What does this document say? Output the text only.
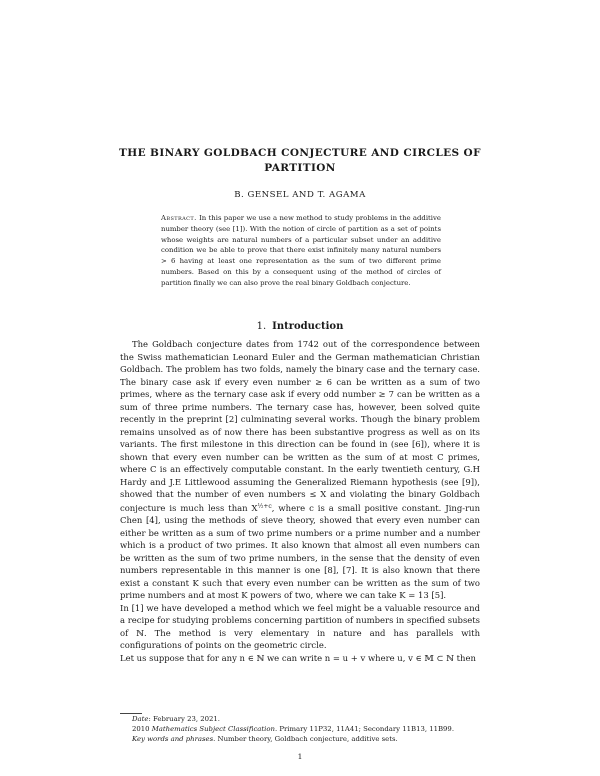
THE BINARY GOLDBACH CONJECTURE AND CIRCLES OF
PARTITION
B. GENSEL AND T. AGAMA
Abstract. In this paper we use a new method to study problems in the additive number theory (see [1]). With the notion of circle of partition as a set of points whose weights are natural numbers of a particular subset under an additive condition we be able to prove that there exist infinitely many natural numbers > 6 having at least one representation as the sum of two different prime numbers. Based on this by a consequent using of the method of circles of partition finally we can also prove the real binary Goldbach conjecture.
1. Introduction

The Goldbach conjecture dates from 1742 out of the correspondence between the Swiss mathematician Leonard Euler and the German mathematician Christian Goldbach. The problem has two folds, namely the binary case and the ternary case. The binary case ask if every even number ≥ 6 can be written as a sum of two primes, where as the ternary case ask if every odd number ≥ 7 can be written as a sum of three prime numbers. The ternary case has, however, been solved quite recently in the preprint [2] culminating several works. Though the binary problem remains unsolved as of now there has been substantive progress as well as on its variants. The first milestone in this direction can be found in (see [6]), where it is shown that every even number can be written as the sum of at most C primes, where C is an effectively computable constant. In the early twentieth century, G.H Hardy and J.E Littlewood assuming the Generalized Riemann hypothesis (see [9]), showed that the number of even numbers ≤ X and violating the binary Goldbach conjecture is much less than $X^{\frac{1}{2}+c}$, where c is a small positive constant. Jing-run Chen [4], using the methods of sieve theory, showed that every even number can either be written as a sum of two prime numbers or a prime number and a number which is a product of two primes. It also known that almost all even numbers can be written as the sum of two prime numbers, in the sense that the density of even numbers representable in this manner is one [8], [7]. It is also known that there exist a constant K such that every even number can be written as the sum of two prime numbers and at most K powers of two, where we can take K = 13 [5].

In [1] we have developed a method which we feel might be a valuable resource and a recipe for studying problems concerning partition of numbers in specified subsets of ℕ. The method is very elementary in nature and has parallels with configurations of points on the geometric circle.

Let us suppose that for any n ∈ ℕ we can write n = u + v where u, v ∈ 𝕄 ⊂ ℕ then

Date: February 23, 2021.
2010 Mathematics Subject Classification. Primary 11P32, 11A41; Secondary 11B13, 11B99.
Key words and phrases. Number theory, Goldbach conjecture, additive sets.
1
